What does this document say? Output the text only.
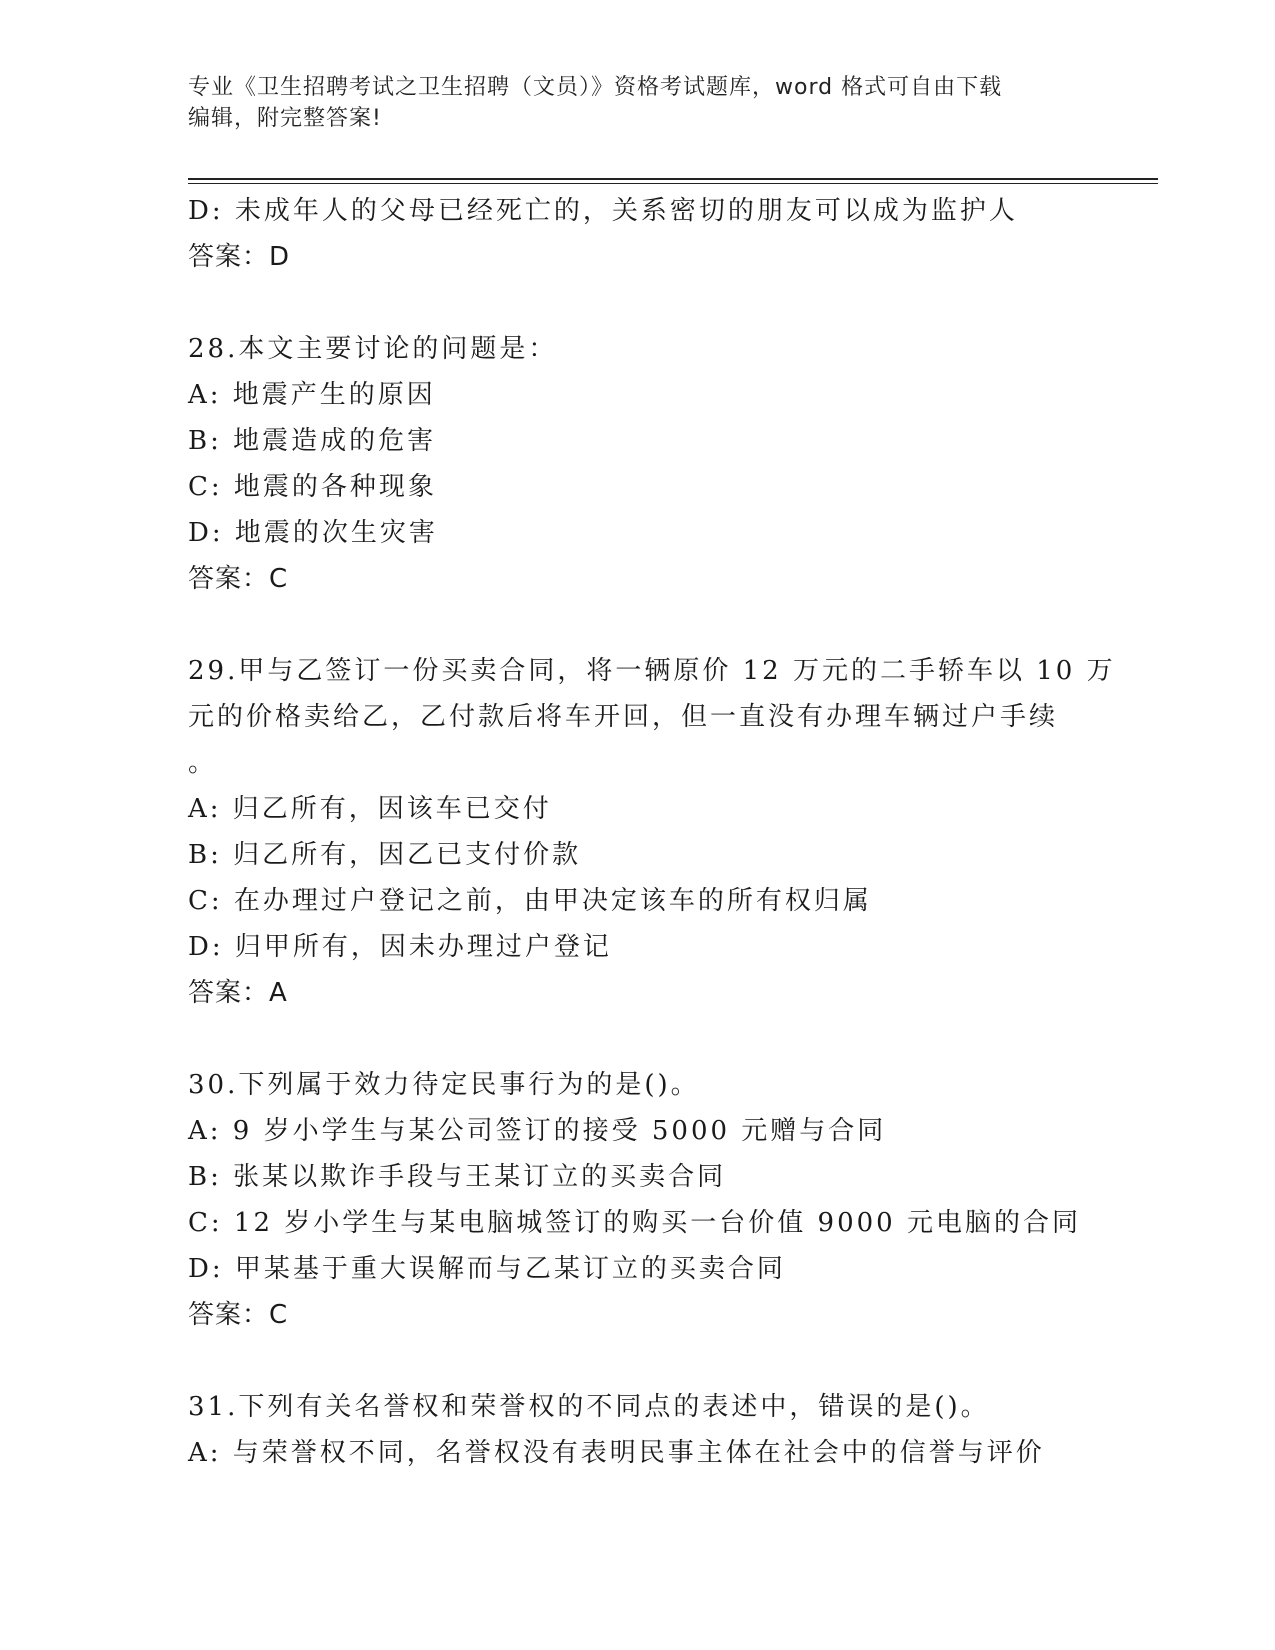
专业《卫生招聘考试之卫生招聘（文员）》资格考试题库，word 格式可自由下载
编辑，附完整答案!
D: 未成年人的父母已经死亡的，关系密切的朋友可以成为监护人
答案：D
28.本文主要讨论的问题是：
A: 地震产生的原因
B: 地震造成的危害
C: 地震的各种现象
D: 地震的次生灾害
答案：C
29.甲与乙签订一份买卖合同，将一辆原价 12 万元的二手轿车以 10 万
元的价格卖给乙，乙付款后将车开回，但一直没有办理车辆过户手续
。
A: 归乙所有，因该车已交付
B: 归乙所有，因乙已支付价款
C: 在办理过户登记之前，由甲决定该车的所有权归属
D: 归甲所有，因未办理过户登记
答案：A
30.下列属于效力待定民事行为的是()。
A: 9 岁小学生与某公司签订的接受 5000 元赠与合同
B: 张某以欺诈手段与王某订立的买卖合同
C: 12 岁小学生与某电脑城签订的购买一台价值 9000 元电脑的合同
D: 甲某基于重大误解而与乙某订立的买卖合同
答案：C
31.下列有关名誉权和荣誉权的不同点的表述中，错误的是()。
A: 与荣誉权不同，名誉权没有表明民事主体在社会中的信誉与评价
